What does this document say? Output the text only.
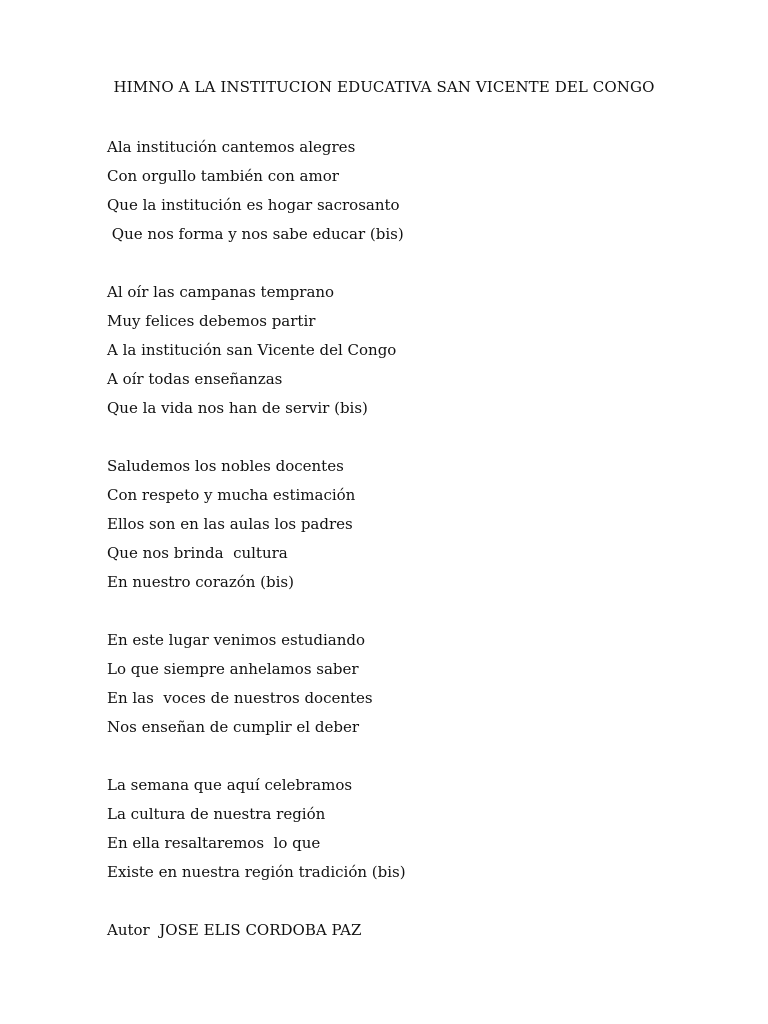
HIMNO A LA INSTITUCION EDUCATIVA SAN VICENTE DEL CONGO
Ala institución cantemos alegres
Con orgullo también con amor
Que la institución es hogar sacrosanto
Que nos forma y nos sabe educar (bis)
Al oír las campanas temprano
Muy felices debemos partir
A la institución san Vicente del Congo
A oír todas enseñanzas
Que la vida nos han de servir (bis)
Saludemos los nobles docentes
Con respeto y mucha estimación
Ellos son en las aulas los padres
Que nos brinda  cultura
En nuestro corazón (bis)
En este lugar venimos estudiando
Lo que siempre anhelamos saber
En las  voces de nuestros docentes
Nos enseñan de cumplir el deber
La semana que aquí celebramos
La cultura de nuestra región
En ella resaltaremos  lo que
Existe en nuestra región tradición (bis)
Autor  JOSE ELIS CORDOBA PAZ
